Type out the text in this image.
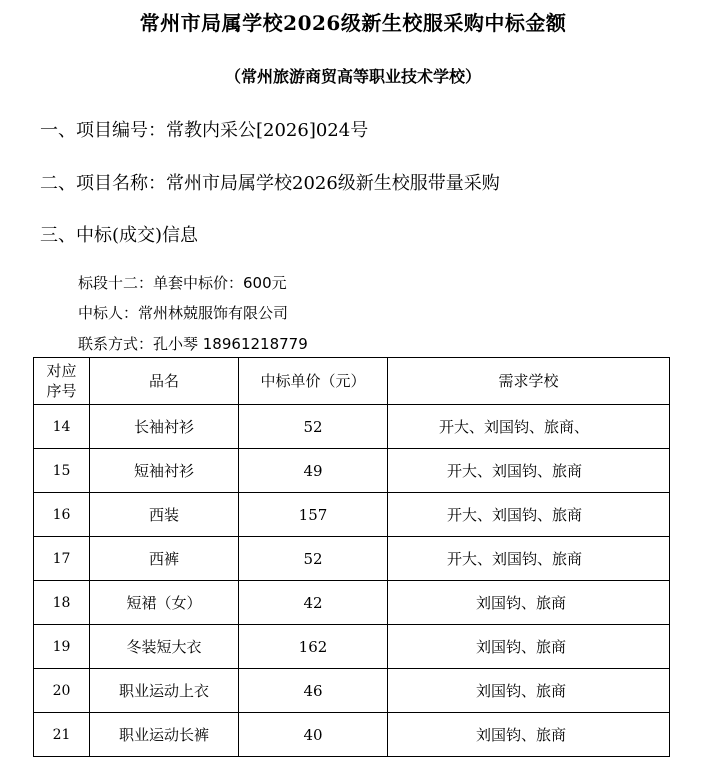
常州市局属学校2026级新生校服采购中标金额
（常州旅游商贸高等职业技术学校）
一、项目编号：常教内采公[2026]024号
二、项目名称：常州市局属学校2026级新生校服带量采购
三、中标(成交)信息
标段十二：单套中标价：600元
中标人：常州林兢服饰有限公司
联系方式：孔小琴 18961218779
对应
序号	品名	中标单价（元）	需求学校
14	长袖衬衫	52	开大、刘国钧、旅商、
15	短袖衬衫	49	开大、刘国钧、旅商
16	西装	157	开大、刘国钧、旅商
17	西裤	52	开大、刘国钧、旅商
18	短裙（女）	42	刘国钧、旅商
19	冬装短大衣	162	刘国钧、旅商
20	职业运动上衣	46	刘国钧、旅商
21	职业运动长裤	40	刘国钧、旅商
